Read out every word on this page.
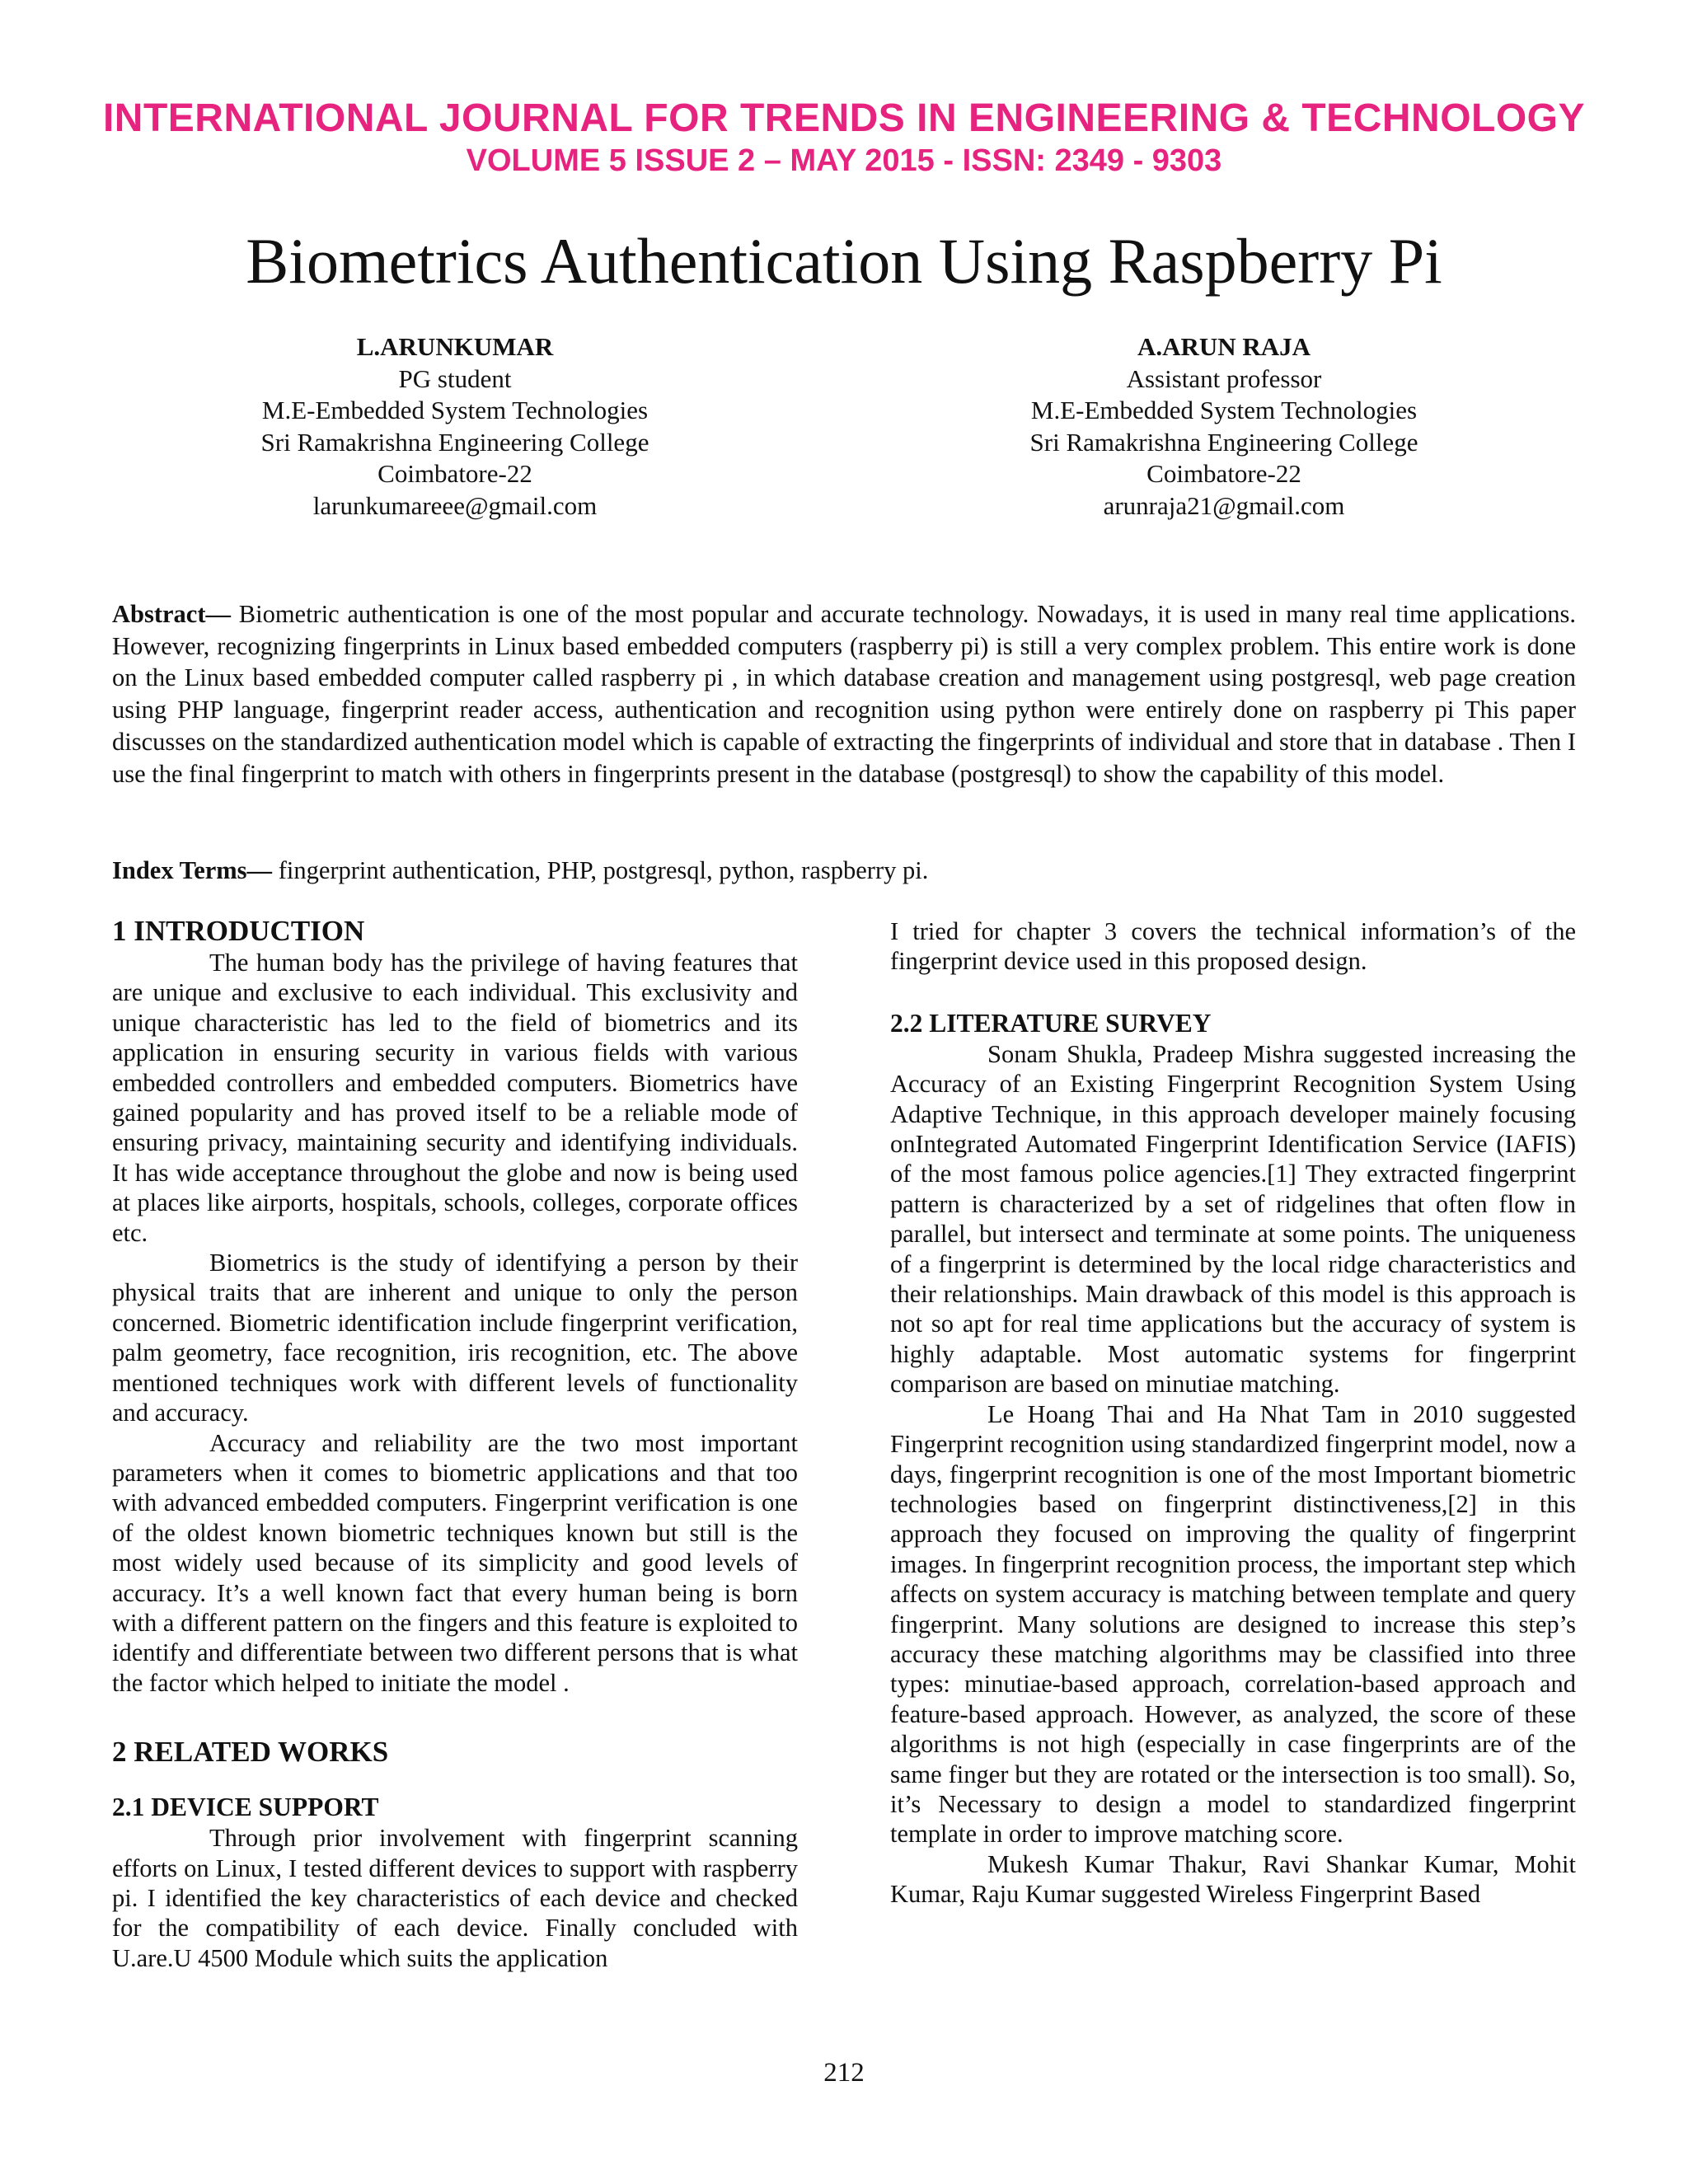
INTERNATIONAL JOURNAL FOR TRENDS IN ENGINEERING & TECHNOLOGY
VOLUME 5 ISSUE 2 – MAY 2015 - ISSN: 2349 - 9303
Biometrics Authentication Using Raspberry Pi
L.ARUNKUMAR
PG student
M.E-Embedded System Technologies
Sri Ramakrishna Engineering College
Coimbatore-22
larunkumareee@gmail.com
A.ARUN RAJA
Assistant professor
M.E-Embedded System Technologies
Sri Ramakrishna Engineering College
Coimbatore-22
arunraja21@gmail.com
Abstract— Biometric authentication is one of the most popular and accurate technology. Nowadays, it is used in many real time applications. However, recognizing fingerprints in Linux based embedded computers (raspberry pi) is still a very complex problem. This entire work is done on the Linux based embedded computer called raspberry pi , in which database creation and management using postgresql, web page creation using PHP language, fingerprint reader access, authentication and recognition using python were entirely done on raspberry pi This paper discusses on the standardized authentication model which is capable of extracting the fingerprints of individual and store that in database . Then I use the final fingerprint to match with others in fingerprints present in the database (postgresql) to show the capability of this model.
Index Terms— fingerprint authentication, PHP, postgresql, python, raspberry pi.
1 INTRODUCTION

The human body has the privilege of having features that are unique and exclusive to each individual. This exclusivity and unique characteristic has led to the field of biometrics and its application in ensuring security in various fields with various embedded controllers and embedded computers. Biometrics have gained popularity and has proved itself to be a reliable mode of ensuring privacy, maintaining security and identifying individuals. It has wide acceptance throughout the globe and now is being used at places like airports, hospitals, schools, colleges, corporate offices etc.

Biometrics is the study of identifying a person by their physical traits that are inherent and unique to only the person concerned. Biometric identification include fingerprint verification, palm geometry, face recognition, iris recognition, etc. The above mentioned techniques work with different levels of functionality and accuracy.

Accuracy and reliability are the two most important parameters when it comes to biometric applications and that too with advanced embedded computers. Fingerprint verification is one of the oldest known biometric techniques known but still is the most widely used because of its simplicity and good levels of accuracy. It’s a well known fact that every human being is born with a different pattern on the fingers and this feature is exploited to identify and differentiate between two different persons that is what the factor which helped to initiate the model .

2 RELATED WORKS
2.1 DEVICE SUPPORT

Through prior involvement with fingerprint scanning efforts on Linux, I tested different devices to support with raspberry pi. I identified the key characteristics of each device and checked for the compatibility of each device. Finally concluded with U.are.U 4500 Module which suits the application

I tried for chapter 3 covers the technical information’s of the fingerprint device used in this proposed design.

2.2 LITERATURE SURVEY

Sonam Shukla, Pradeep Mishra suggested increasing the Accuracy of an Existing Fingerprint Recognition System Using Adaptive Technique, in this approach developer mainely focusing onIntegrated Automated Fingerprint Identification Service (IAFIS) of the most famous police agencies.[1] They extracted fingerprint pattern is characterized by a set of ridgelines that often flow in parallel, but intersect and terminate at some points. The uniqueness of a fingerprint is determined by the local ridge characteristics and their relationships. Main drawback of this model is this approach is not so apt for real time applications but the accuracy of system is highly adaptable. Most automatic systems for fingerprint comparison are based on minutiae matching.

Le Hoang Thai and Ha Nhat Tam in 2010 suggested Fingerprint recognition using standardized fingerprint model, now a days, fingerprint recognition is one of the most Important biometric technologies based on fingerprint distinctiveness,[2] in this approach they focused on improving the quality of fingerprint images. In fingerprint recognition process, the important step which affects on system accuracy is matching between template and query fingerprint. Many solutions are designed to increase this step’s accuracy these matching algorithms may be classified into three types: minutiae-based approach, correlation-based approach and feature-based approach. However, as analyzed, the score of these algorithms is not high (especially in case fingerprints are of the same finger but they are rotated or the intersection is too small). So, it’s Necessary to design a model to standardized fingerprint template in order to improve matching score.

Mukesh Kumar Thakur, Ravi Shankar Kumar, Mohit Kumar, Raju Kumar suggested Wireless Fingerprint Based

212
